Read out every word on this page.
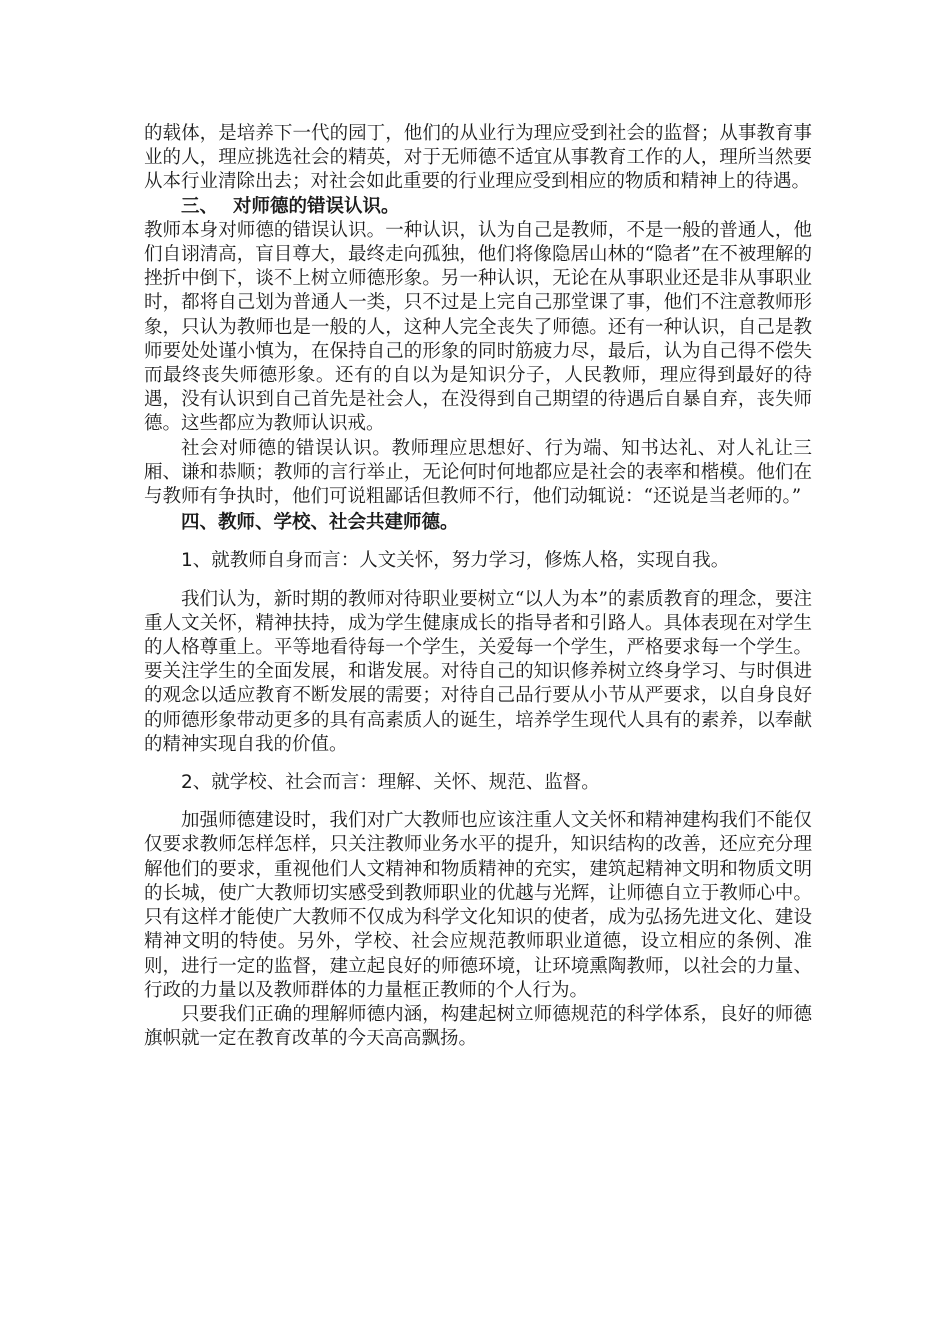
的载体，是培养下一代的园丁，他们的从业行为理应受到社会的监督；从事教育事业的人，理应挑选社会的精英，对于无师德不适宜从事教育工作的人，理所当然要从本行业清除出去；对社会如此重要的行业理应受到相应的物质和精神上的待遇。

三、 对师德的错误认识。

教师本身对师德的错误认识。一种认识，认为自己是教师，不是一般的普通人，他们自诩清高，盲目尊大，最终走向孤独，他们将像隐居山林的“隐者”在不被理解的挫折中倒下，谈不上树立师德形象。另一种认识，无论在从事职业还是非从事职业时，都将自己划为普通人一类，只不过是上完自己那堂课了事，他们不注意教师形象，只认为教师也是一般的人，这种人完全丧失了师德。还有一种认识，自己是教师要处处谨小慎为，在保持自己的形象的同时筋疲力尽，最后，认为自己得不偿失而最终丧失师德形象。还有的自以为是知识分子，人民教师，理应得到最好的待遇，没有认识到自己首先是社会人，在没得到自己期望的待遇后自暴自弃，丧失师德。这些都应为教师认识戒。

社会对师德的错误认识。教师理应思想好、行为端、知书达礼、对人礼让三厢、谦和恭顺；教师的言行举止，无论何时何地都应是社会的表率和楷模。他们在与教师有争执时，他们可说粗鄙话但教师不行，他们动辄说：“还说是当老师的。”

四、教师、学校、社会共建师德。

1、就教师自身而言：人文关怀，努力学习，修炼人格，实现自我。

我们认为，新时期的教师对待职业要树立“以人为本”的素质教育的理念，要注重人文关怀，精神扶持，成为学生健康成长的指导者和引路人。具体表现在对学生的人格尊重上。平等地看待每一个学生，关爱每一个学生，严格要求每一个学生。要关注学生的全面发展，和谐发展。对待自己的知识修养树立终身学习、与时俱进的观念以适应教育不断发展的需要；对待自己品行要从小节从严要求，以自身良好的师德形象带动更多的具有高素质人的诞生，培养学生现代人具有的素养，以奉献的精神实现自我的价值。

2、就学校、社会而言：理解、关怀、规范、监督。

加强师德建设时，我们对广大教师也应该注重人文关怀和精神建构我们不能仅仅要求教师怎样怎样，只关注教师业务水平的提升，知识结构的改善，还应充分理解他们的要求，重视他们人文精神和物质精神的充实，建筑起精神文明和物质文明的长城，使广大教师切实感受到教师职业的优越与光辉，让师德自立于教师心中。只有这样才能使广大教师不仅成为科学文化知识的使者，成为弘扬先进文化、建设精神文明的特使。另外，学校、社会应规范教师职业道德，设立相应的条例、准则，进行一定的监督，建立起良好的师德环境，让环境熏陶教师，以社会的力量、行政的力量以及教师群体的力量框正教师的个人行为。

只要我们正确的理解师德内涵，构建起树立师德规范的科学体系，良好的师德旗帜就一定在教育改革的今天高高飘扬。
